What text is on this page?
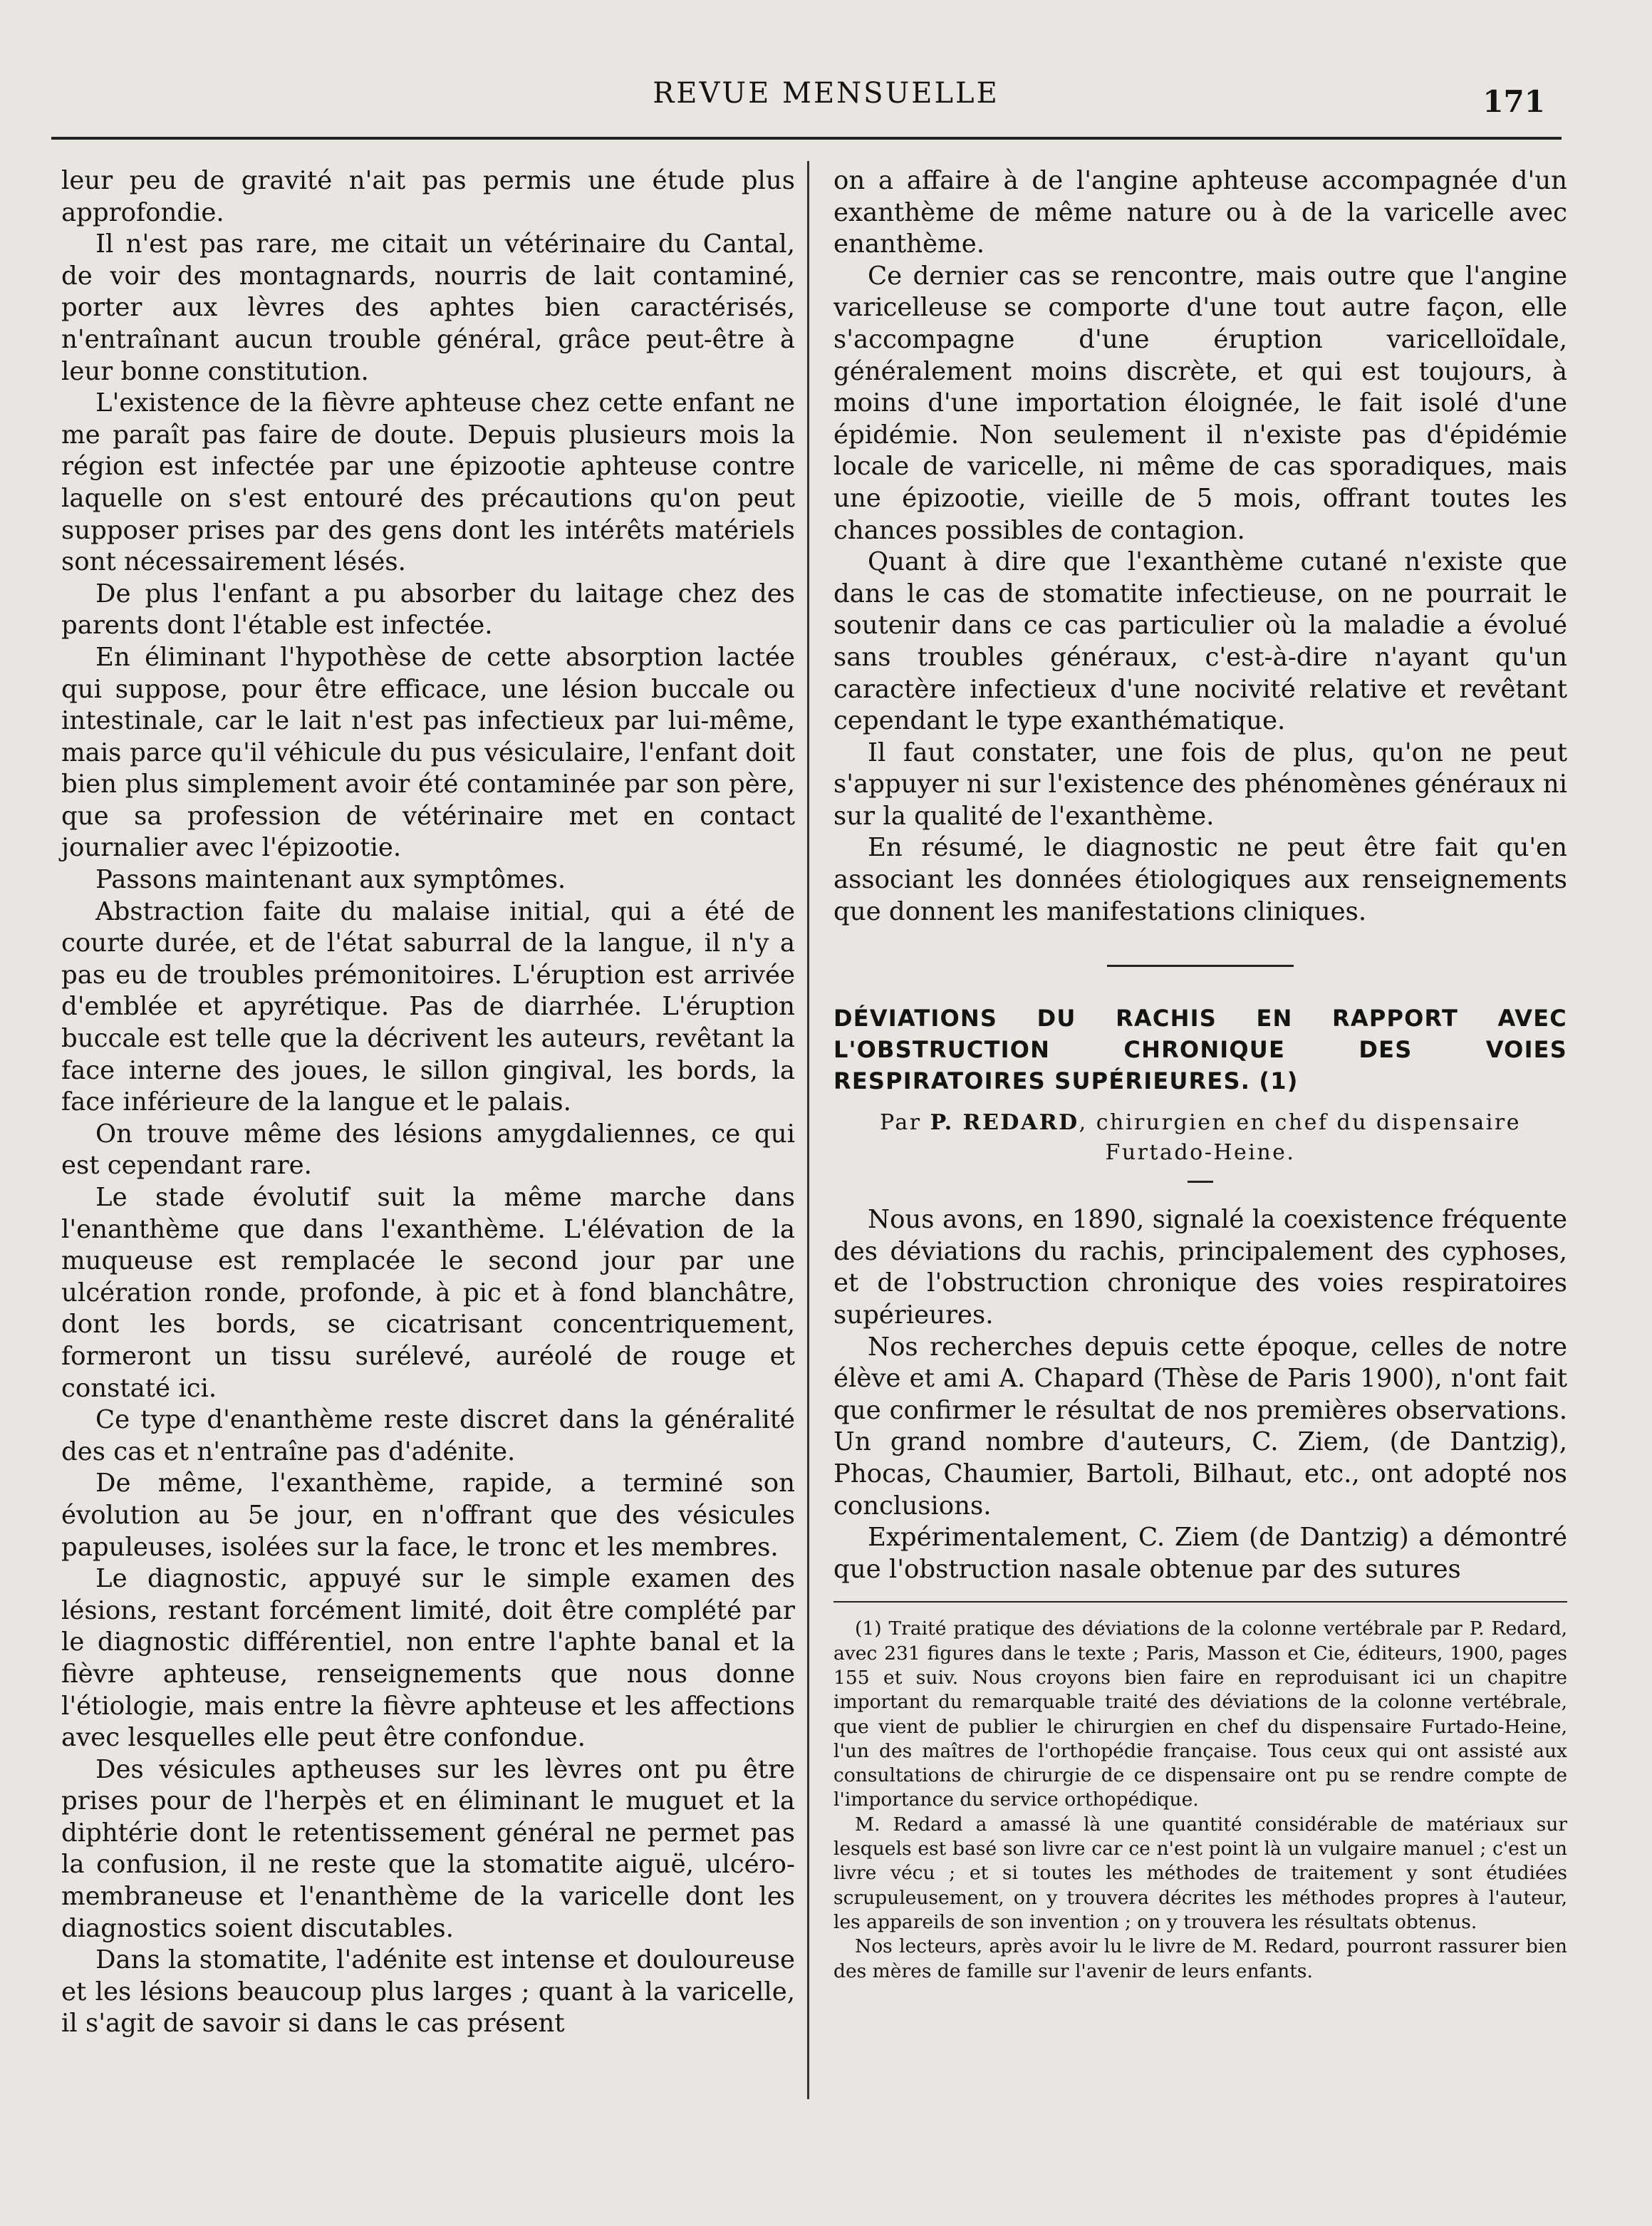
REVUE MENSUELLE	171

leur peu de gravité n'ait pas permis une étude plus approfondie.

Il n'est pas rare, me citait un vétérinaire du Cantal, de voir des montagnards, nourris de lait contaminé, porter aux lèvres des aphtes bien caractérisés, n'entraînant aucun trouble général, grâce peut-être à leur bonne constitution.

L'existence de la fièvre aphteuse chez cette enfant ne me paraît pas faire de doute. Depuis plusieurs mois la région est infectée par une épizootie aphteuse contre laquelle on s'est entouré des précautions qu'on peut supposer prises par des gens dont les intérêts matériels sont nécessairement lésés.

De plus l'enfant a pu absorber du laitage chez des parents dont l'étable est infectée.

En éliminant l'hypothèse de cette absorption lactée qui suppose, pour être efficace, une lésion buccale ou intestinale, car le lait n'est pas infectieux par lui-même, mais parce qu'il véhicule du pus vésiculaire, l'enfant doit bien plus simplement avoir été contaminée par son père, que sa profession de vétérinaire met en contact journalier avec l'épizootie.

Passons maintenant aux symptômes.

Abstraction faite du malaise initial, qui a été de courte durée, et de l'état saburral de la langue, il n'y a pas eu de troubles prémonitoires. L'éruption est arrivée d'emblée et apyrétique. Pas de diarrhée. L'éruption buccale est telle que la décrivent les auteurs, revêtant la face interne des joues, le sillon gingival, les bords, la face inférieure de la langue et le palais.

On trouve même des lésions amygdaliennes, ce qui est cependant rare.

Le stade évolutif suit la même marche dans l'enanthème que dans l'exanthème. L'élévation de la muqueuse est remplacée le second jour par une ulcération ronde, profonde, à pic et à fond blanchâtre, dont les bords, se cicatrisant concentriquement, formeront un tissu surélevé, auréolé de rouge et constaté ici.

Ce type d'enanthème reste discret dans la généralité des cas et n'entraîne pas d'adénite.

De même, l'exanthème, rapide, a terminé son évolution au 5e jour, en n'offrant que des vésicules papuleuses, isolées sur la face, le tronc et les membres.

Le diagnostic, appuyé sur le simple examen des lésions, restant forcément limité, doit être complété par le diagnostic différentiel, non entre l'aphte banal et la fièvre aphteuse, renseignements que nous donne l'étiologie, mais entre la fièvre aphteuse et les affections avec lesquelles elle peut être confondue.

Des vésicules aptheuses sur les lèvres ont pu être prises pour de l'herpès et en éliminant le muguet et la diphtérie dont le retentissement général ne permet pas la confusion, il ne reste que la stomatite aiguë, ulcéro-membraneuse et l'enanthème de la varicelle dont les diagnostics soient discutables.

Dans la stomatite, l'adénite est intense et douloureuse et les lésions beaucoup plus larges ; quant à la varicelle, il s'agit de savoir si dans le cas présent

on a affaire à de l'angine aphteuse accompagnée d'un exanthème de même nature ou à de la varicelle avec enanthème.

Ce dernier cas se rencontre, mais outre que l'angine varicelleuse se comporte d'une tout autre façon, elle s'accompagne d'une éruption varicelloïdale, généralement moins discrète, et qui est toujours, à moins d'une importation éloignée, le fait isolé d'une épidémie. Non seulement il n'existe pas d'épidémie locale de varicelle, ni même de cas sporadiques, mais une épizootie, vieille de 5 mois, offrant toutes les chances possibles de contagion.

Quant à dire que l'exanthème cutané n'existe que dans le cas de stomatite infectieuse, on ne pourrait le soutenir dans ce cas particulier où la maladie a évolué sans troubles généraux, c'est-à-dire n'ayant qu'un caractère infectieux d'une nocivité relative et revêtant cependant le type exanthématique.

Il faut constater, une fois de plus, qu'on ne peut s'appuyer ni sur l'existence des phénomènes généraux ni sur la qualité de l'exanthème.

En résumé, le diagnostic ne peut être fait qu'en associant les données étiologiques aux renseignements que donnent les manifestations cliniques.

DÉVIATIONS DU RACHIS EN RAPPORT AVEC L'OBSTRUCTION CHRONIQUE DES VOIES RESPIRATOIRES SUPÉRIEURES. (1)
Par P. REDARD, chirurgien en chef du dispensaire Furtado-Heine.

Nous avons, en 1890, signalé la coexistence fréquente des déviations du rachis, principalement des cyphoses, et de l'obstruction chronique des voies respiratoires supérieures.

Nos recherches depuis cette époque, celles de notre élève et ami A. Chapard (Thèse de Paris 1900), n'ont fait que confirmer le résultat de nos premières observations. Un grand nombre d'auteurs, C. Ziem, (de Dantzig), Phocas, Chaumier, Bartoli, Bilhaut, etc., ont adopté nos conclusions.

Expérimentalement, C. Ziem (de Dantzig) a démontré que l'obstruction nasale obtenue par des sutures

(1) Traité pratique des déviations de la colonne vertébrale par P. Redard, avec 231 figures dans le texte ; Paris, Masson et Cie, éditeurs, 1900, pages 155 et suiv. Nous croyons bien faire en reproduisant ici un chapitre important du remarquable traité des déviations de la colonne vertébrale, que vient de publier le chirurgien en chef du dispensaire Furtado-Heine, l'un des maîtres de l'orthopédie française. Tous ceux qui ont assisté aux consultations de chirurgie de ce dispensaire ont pu se rendre compte de l'importance du service orthopédique.

M. Redard a amassé là une quantité considérable de matériaux sur lesquels est basé son livre car ce n'est point là un vulgaire manuel ; c'est un livre vécu ; et si toutes les méthodes de traitement y sont étudiées scrupuleusement, on y trouvera décrites les méthodes propres à l'auteur, les appareils de son invention ; on y trouvera les résultats obtenus.

Nos lecteurs, après avoir lu le livre de M. Redard, pourront rassurer bien des mères de famille sur l'avenir de leurs enfants.
